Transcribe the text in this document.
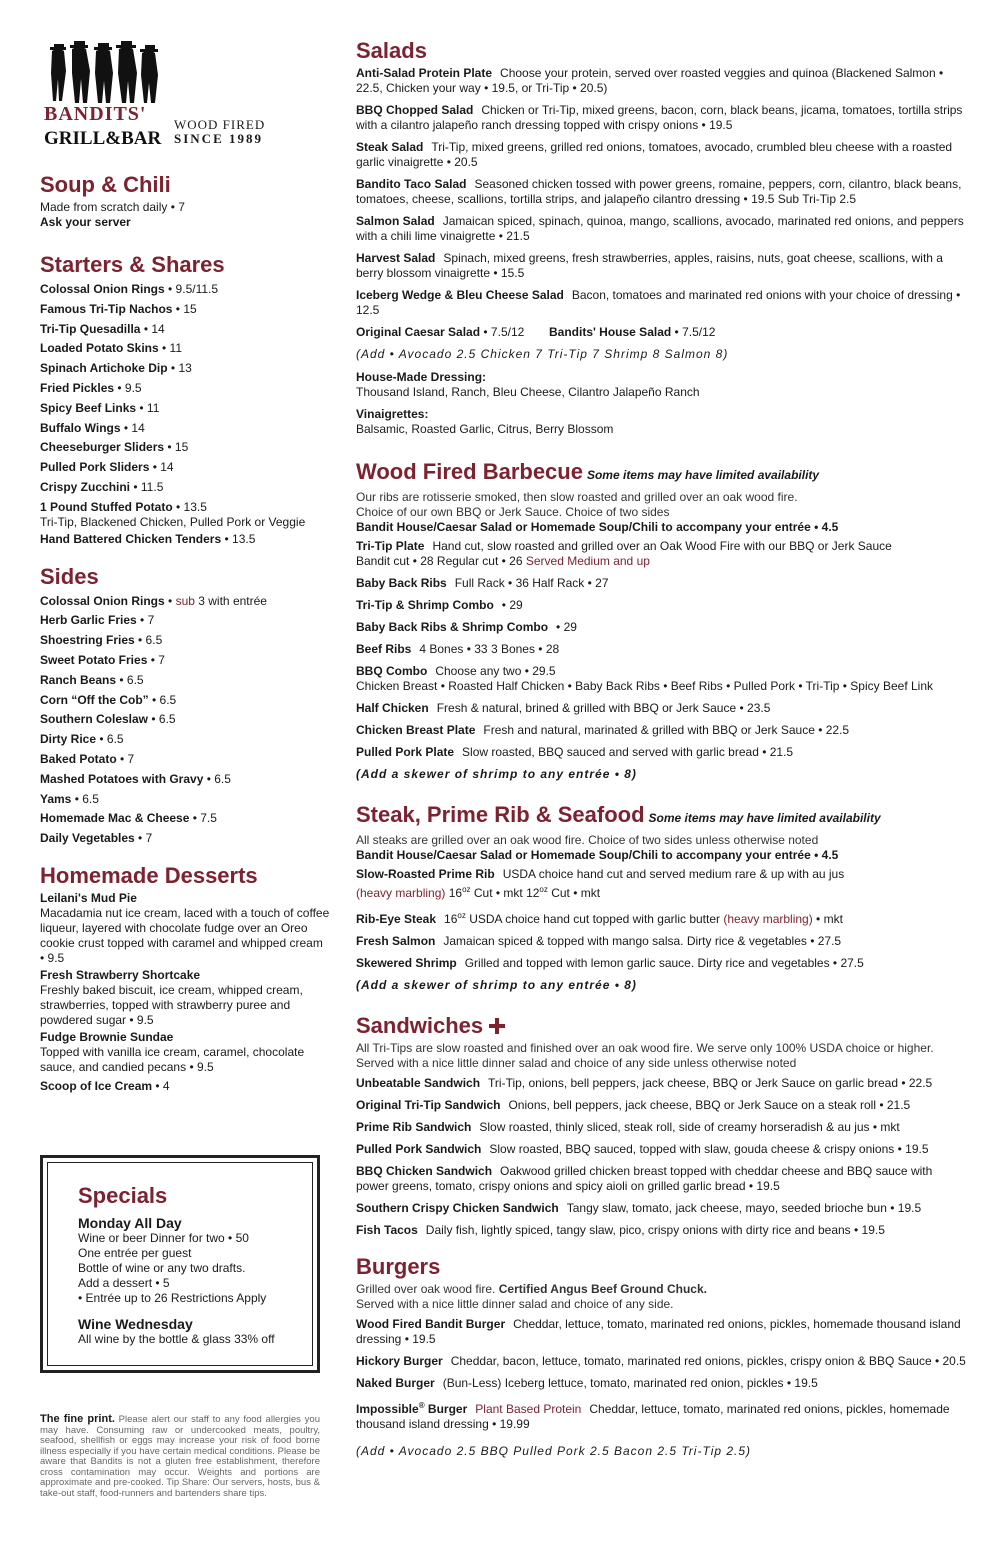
BANDITS'
GRILL&BAR
WOOD FIRED
SINCE 1989
Soup & Chili
Made from scratch daily • 7
Ask your server
Starters & Shares
Colossal Onion Rings • 9.5/11.5
Famous Tri-Tip Nachos • 15
Tri-Tip Quesadilla • 14
Loaded Potato Skins • 11
Spinach Artichoke Dip • 13
Fried Pickles • 9.5
Spicy Beef Links • 11
Buffalo Wings • 14
Cheeseburger Sliders • 15
Pulled Pork Sliders • 14
Crispy Zucchini • 11.5
1 Pound Stuffed Potato • 13.5
Tri-Tip, Blackened Chicken, Pulled Pork or Veggie
Hand Battered Chicken Tenders • 13.5
Sides
Colossal Onion Rings • sub 3 with entrée
Herb Garlic Fries • 7
Shoestring Fries • 6.5
Sweet Potato Fries • 7
Ranch Beans • 6.5
Corn “Off the Cob” • 6.5
Southern Coleslaw • 6.5
Dirty Rice • 6.5
Baked Potato • 7
Mashed Potatoes with Gravy • 6.5
Yams • 6.5
Homemade Mac & Cheese • 7.5
Daily Vegetables • 7
Homemade Desserts
Leilani's Mud Pie
Macadamia nut ice cream, laced with a touch of coffee liqueur, layered with chocolate fudge over an Oreo cookie crust topped with caramel and whipped cream • 9.5
Fresh Strawberry Shortcake
Freshly baked biscuit, ice cream, whipped cream, strawberries, topped with strawberry puree and powdered sugar • 9.5
Fudge Brownie Sundae
Topped with vanilla ice cream, caramel, chocolate sauce, and candied pecans • 9.5
Scoop of Ice Cream • 4
Specials
Monday All Day
Wine or beer Dinner for two • 50
One entrée per guest
Bottle of wine or any two drafts.
Add a dessert • 5
• Entrée up to 26 Restrictions Apply
Wine Wednesday
All wine by the bottle & glass 33% off
The fine print. Please alert our staff to any food allergies you may have. Consuming raw or undercooked meats, poultry, seafood, shellfish or eggs may increase your risk of food borne illness especially if you have certain medical conditions. Please be aware that Bandits is not a gluten free establishment, therefore cross contamination may occur. Weights and portions are approximate and pre-cooked. Tip Share: Our servers, hosts, bus & take-out staff, food-runners and bartenders share tips.
Salads
Anti-Salad Protein Plate Choose your protein, served over roasted veggies and quinoa (Blackened Salmon • 22.5, Chicken your way • 19.5, or Tri-Tip • 20.5)
BBQ Chopped Salad Chicken or Tri-Tip, mixed greens, bacon, corn, black beans, jicama, tomatoes, tortilla strips with a cilantro jalapeño ranch dressing topped with crispy onions • 19.5
Steak Salad Tri-Tip, mixed greens, grilled red onions, tomatoes, avocado, crumbled bleu cheese with a roasted garlic vinaigrette • 20.5
Bandito Taco Salad Seasoned chicken tossed with power greens, romaine, peppers, corn, cilantro, black beans, tomatoes, cheese, scallions, tortilla strips, and jalapeño cilantro dressing • 19.5 Sub Tri-Tip 2.5
Salmon Salad Jamaican spiced, spinach, quinoa, mango, scallions, avocado, marinated red onions, and peppers with a chili lime vinaigrette • 21.5
Harvest Salad Spinach, mixed greens, fresh strawberries, apples, raisins, nuts, goat cheese, scallions, with a berry blossom vinaigrette • 15.5
Iceberg Wedge & Bleu Cheese Salad Bacon, tomatoes and marinated red onions with your choice of dressing • 12.5
Original Caesar Salad • 7.5/12 Bandits' House Salad • 7.5/12
(Add • Avocado 2.5 Chicken 7 Tri-Tip 7 Shrimp 8 Salmon 8)
House-Made Dressing:
Thousand Island, Ranch, Bleu Cheese, Cilantro Jalapeño Ranch
Vinaigrettes:
Balsamic, Roasted Garlic, Citrus, Berry Blossom
Wood Fired Barbecue Some items may have limited availability
Our ribs are rotisserie smoked, then slow roasted and grilled over an oak wood fire.
Choice of our own BBQ or Jerk Sauce. Choice of two sides
Bandit House/Caesar Salad or Homemade Soup/Chili to accompany your entrée • 4.5
Tri-Tip Plate Hand cut, slow roasted and grilled over an Oak Wood Fire with our BBQ or Jerk Sauce
Bandit cut • 28 Regular cut • 26 Served Medium and up
Baby Back Ribs Full Rack • 36 Half Rack • 27
Tri-Tip & Shrimp Combo • 29
Baby Back Ribs & Shrimp Combo • 29
Beef Ribs 4 Bones • 33 3 Bones • 28
BBQ Combo Choose any two • 29.5
Chicken Breast • Roasted Half Chicken • Baby Back Ribs • Beef Ribs • Pulled Pork • Tri-Tip • Spicy Beef Link
Half Chicken Fresh & natural, brined & grilled with BBQ or Jerk Sauce • 23.5
Chicken Breast Plate Fresh and natural, marinated & grilled with BBQ or Jerk Sauce • 22.5
Pulled Pork Plate Slow roasted, BBQ sauced and served with garlic bread • 21.5
(Add a skewer of shrimp to any entrée • 8)
Steak, Prime Rib & Seafood Some items may have limited availability
All steaks are grilled over an oak wood fire. Choice of two sides unless otherwise noted
Bandit House/Caesar Salad or Homemade Soup/Chili to accompany your entrée • 4.5
Slow-Roasted Prime Rib USDA choice hand cut and served medium rare & up with au jus
(heavy marbling) $16^{oz}$ Cut • mkt $12^{oz}$ Cut • mkt
Rib-Eye Steak $16^{oz}$ USDA choice hand cut topped with garlic butter (heavy marbling) • mkt
Fresh Salmon Jamaican spiced & topped with mango salsa. Dirty rice & vegetables • 27.5
Skewered Shrimp Grilled and topped with lemon garlic sauce. Dirty rice and vegetables • 27.5
(Add a skewer of shrimp to any entrée • 8)
Sandwiches
All Tri-Tips are slow roasted and finished over an oak wood fire. We serve only 100% USDA choice or higher.
Served with a nice little dinner salad and choice of any side unless otherwise noted
Unbeatable Sandwich Tri-Tip, onions, bell peppers, jack cheese, BBQ or Jerk Sauce on garlic bread • 22.5
Original Tri-Tip Sandwich Onions, bell peppers, jack cheese, BBQ or Jerk Sauce on a steak roll • 21.5
Prime Rib Sandwich Slow roasted, thinly sliced, steak roll, side of creamy horseradish & au jus • mkt
Pulled Pork Sandwich Slow roasted, BBQ sauced, topped with slaw, gouda cheese & crispy onions • 19.5
BBQ Chicken Sandwich Oakwood grilled chicken breast topped with cheddar cheese and BBQ sauce with power greens, tomato, crispy onions and spicy aioli on grilled garlic bread • 19.5
Southern Crispy Chicken Sandwich Tangy slaw, tomato, jack cheese, mayo, seeded brioche bun • 19.5
Fish Tacos Daily fish, lightly spiced, tangy slaw, pico, crispy onions with dirty rice and beans • 19.5
Burgers
Grilled over oak wood fire. Certified Angus Beef Ground Chuck.
Served with a nice little dinner salad and choice of any side.
Wood Fired Bandit Burger Cheddar, lettuce, tomato, marinated red onions, pickles, homemade thousand island dressing • 19.5
Hickory Burger Cheddar, bacon, lettuce, tomato, marinated red onions, pickles, crispy onion & BBQ Sauce • 20.5
Naked Burger (Bun-Less) Iceberg lettuce, tomato, marinated red onion, pickles • 19.5
Impossible® Burger Plant Based Protein Cheddar, lettuce, tomato, marinated red onions, pickles, homemade thousand island dressing • 19.99
(Add • Avocado 2.5 BBQ Pulled Pork 2.5 Bacon 2.5 Tri-Tip 2.5)
